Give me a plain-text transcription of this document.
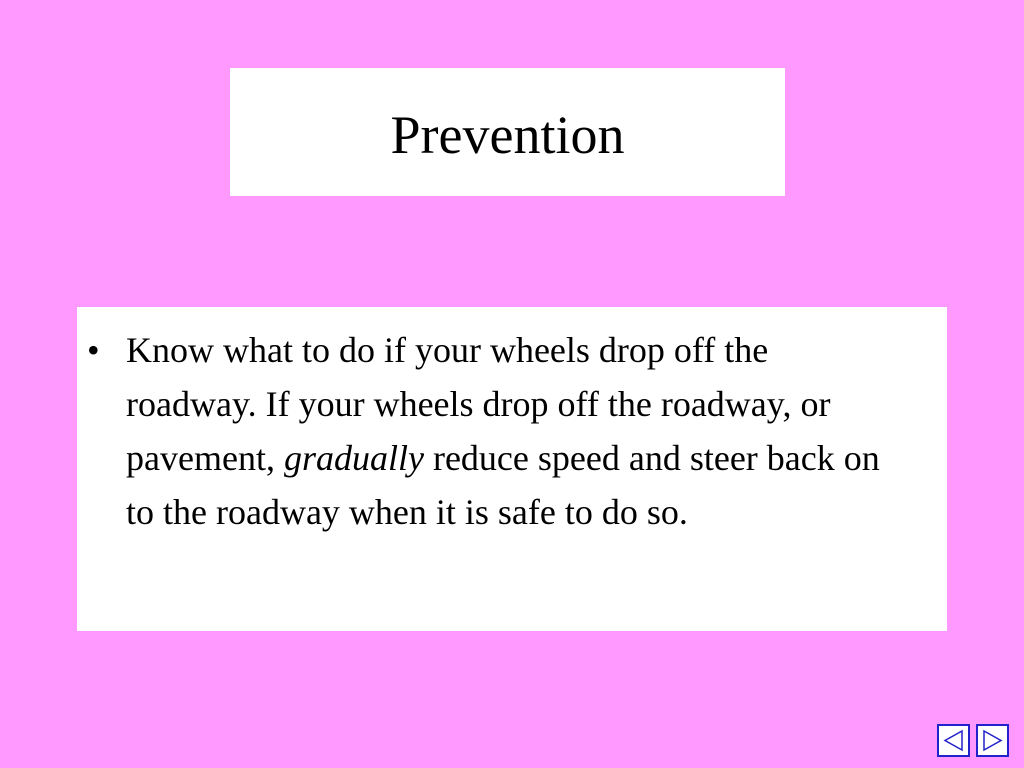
Prevention
• Know what to do if your wheels drop off the roadway. If your wheels drop off the roadway, or pavement, gradually reduce speed and steer back on to the roadway when it is safe to do so.
